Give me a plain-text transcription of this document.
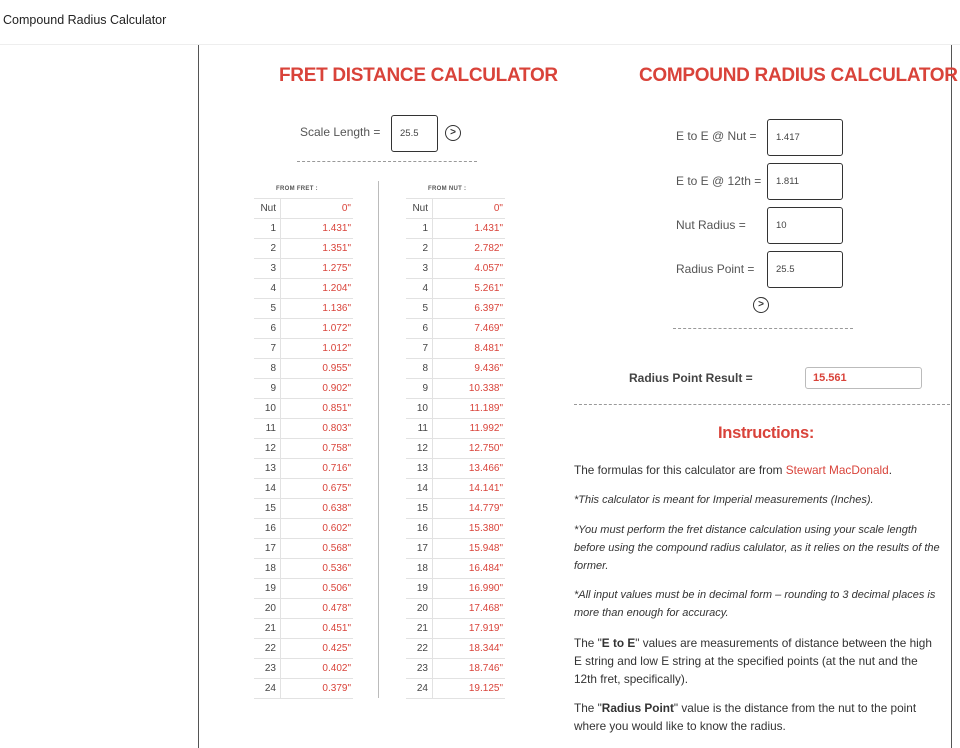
Compound Radius Calculator
FRET DISTANCE CALCULATOR
Scale Length =	25.5	>
FROM FRET :	
Nut	0"
1	1.431"
2	1.351"
3	1.275"
4	1.204"
5	1.136"
6	1.072"
7	1.012"
8	0.955"
9	0.902"
10	0.851"
11	0.803"
12	0.758"
13	0.716"
14	0.675"
15	0.638"
16	0.602"
17	0.568"
18	0.536"
19	0.506"
20	0.478"
21	0.451"
22	0.425"
23	0.402"
24	0.379"
FROM NUT :	
Nut	0"
1	1.431"
2	2.782"
3	4.057"
4	5.261"
5	6.397"
6	7.469"
7	8.481"
8	9.436"
9	10.338"
10	11.189"
11	11.992"
12	12.750"
13	13.466"
14	14.141"
15	14.779"
16	15.380"
17	15.948"
18	16.484"
19	16.990"
20	17.468"
21	17.919"
22	18.344"
23	18.746"
24	19.125"
COMPOUND RADIUS CALCULATOR
E to E @ Nut =	1.417
E to E @ 12th =	1.811
Nut Radius =	10
Radius Point =	25.5
>
Radius Point Result =	15.561
Instructions:
The formulas for this calculator are from Stewart MacDonald.
*This calculator is meant for Imperial measurements (Inches).
*You must perform the fret distance calculation using your scale length before using the compound radius calulator, as it relies on the results of the former.
*All input values must be in decimal form – rounding to 3 decimal places is more than enough for accuracy.
The "E to E" values are measurements of distance between the high E string and low E string at the specified points (at the nut and the 12th fret, specifically).
The "Radius Point" value is the distance from the nut to the point where you would like to know the radius.
